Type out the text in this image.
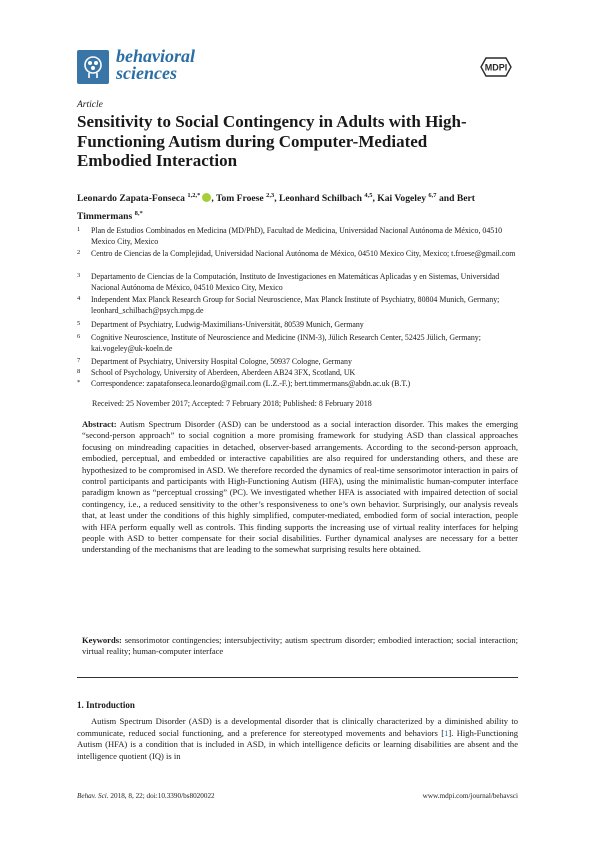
behavioral
sciences	MDPI
Article
Sensitivity to Social Contingency in Adults with High-Functioning Autism during Computer-Mediated Embodied Interaction
Leonardo Zapata-Fonseca $^{1,2,*}$ , Tom Froese $^{2,3}$, Leonhard Schilbach $^{4,5}$, Kai Vogeley $^{6,7}$ and Bert Timmermans $^{8,*}$
1	Plan de Estudios Combinados en Medicina (MD/PhD), Facultad de Medicina, Universidad Nacional Autónoma de México, 04510 Mexico City, Mexico
2	Centro de Ciencias de la Complejidad, Universidad Nacional Autónoma de México, 04510 Mexico City, Mexico; t.froese@gmail.com
3	Departamento de Ciencias de la Computación, Instituto de Investigaciones en Matemáticas Aplicadas y en Sistemas, Universidad Nacional Autónoma de México, 04510 Mexico City, Mexico
4	Independent Max Planck Research Group for Social Neuroscience, Max Planck Institute of Psychiatry, 80804 Munich, Germany; leonhard_schilbach@psych.mpg.de
5	Department of Psychiatry, Ludwig-Maximilians-Universität, 80539 Munich, Germany
6	Cognitive Neuroscience, Institute of Neuroscience and Medicine (INM-3), Jülich Research Center, 52425 Jülich, Germany; kai.vogeley@uk-koeln.de
7	Department of Psychiatry, University Hospital Cologne, 50937 Cologne, Germany
8	School of Psychology, University of Aberdeen, Aberdeen AB24 3FX, Scotland, UK
*	Correspondence: zapatafonseca.leonardo@gmail.com (L.Z.-F.); bert.timmermans@abdn.ac.uk (B.T.)
Received: 25 November 2017; Accepted: 7 February 2018; Published: 8 February 2018
Abstract: Autism Spectrum Disorder (ASD) can be understood as a social interaction disorder. This makes the emerging “second-person approach” to social cognition a more promising framework for studying ASD than classical approaches focusing on mindreading capacities in detached, observer-based arrangements. According to the second-person approach, embodied, perceptual, and embedded or interactive capabilities are also required for understanding others, and these are hypothesized to be compromised in ASD. We therefore recorded the dynamics of real-time sensorimotor interaction in pairs of control participants and participants with High-Functioning Autism (HFA), using the minimalistic human-computer interface paradigm known as “perceptual crossing” (PC). We investigated whether HFA is associated with impaired detection of social contingency, i.e., a reduced sensitivity to the other’s responsiveness to one’s own behavior. Surprisingly, our analysis reveals that, at least under the conditions of this highly simplified, computer-mediated, embodied form of social interaction, people with HFA perform equally well as controls. This finding supports the increasing use of virtual reality interfaces for helping people with ASD to better compensate for their social disabilities. Further dynamical analyses are necessary for a better understanding of the mechanisms that are leading to the somewhat surprising results here obtained.
Keywords: sensorimotor contingencies; intersubjectivity; autism spectrum disorder; embodied interaction; social interaction; virtual reality; human-computer interface
1. Introduction
Autism Spectrum Disorder (ASD) is a developmental disorder that is clinically characterized by a diminished ability to communicate, reduced social functioning, and a preference for stereotyped movements and behaviors [1]. High-Functioning Autism (HFA) is a condition that is included in ASD, in which intelligence deficits or learning disabilities are absent and the intelligence quotient (IQ) is in
Behav. Sci. 2018, 8, 22; doi:10.3390/bs8020022	www.mdpi.com/journal/behavsci
